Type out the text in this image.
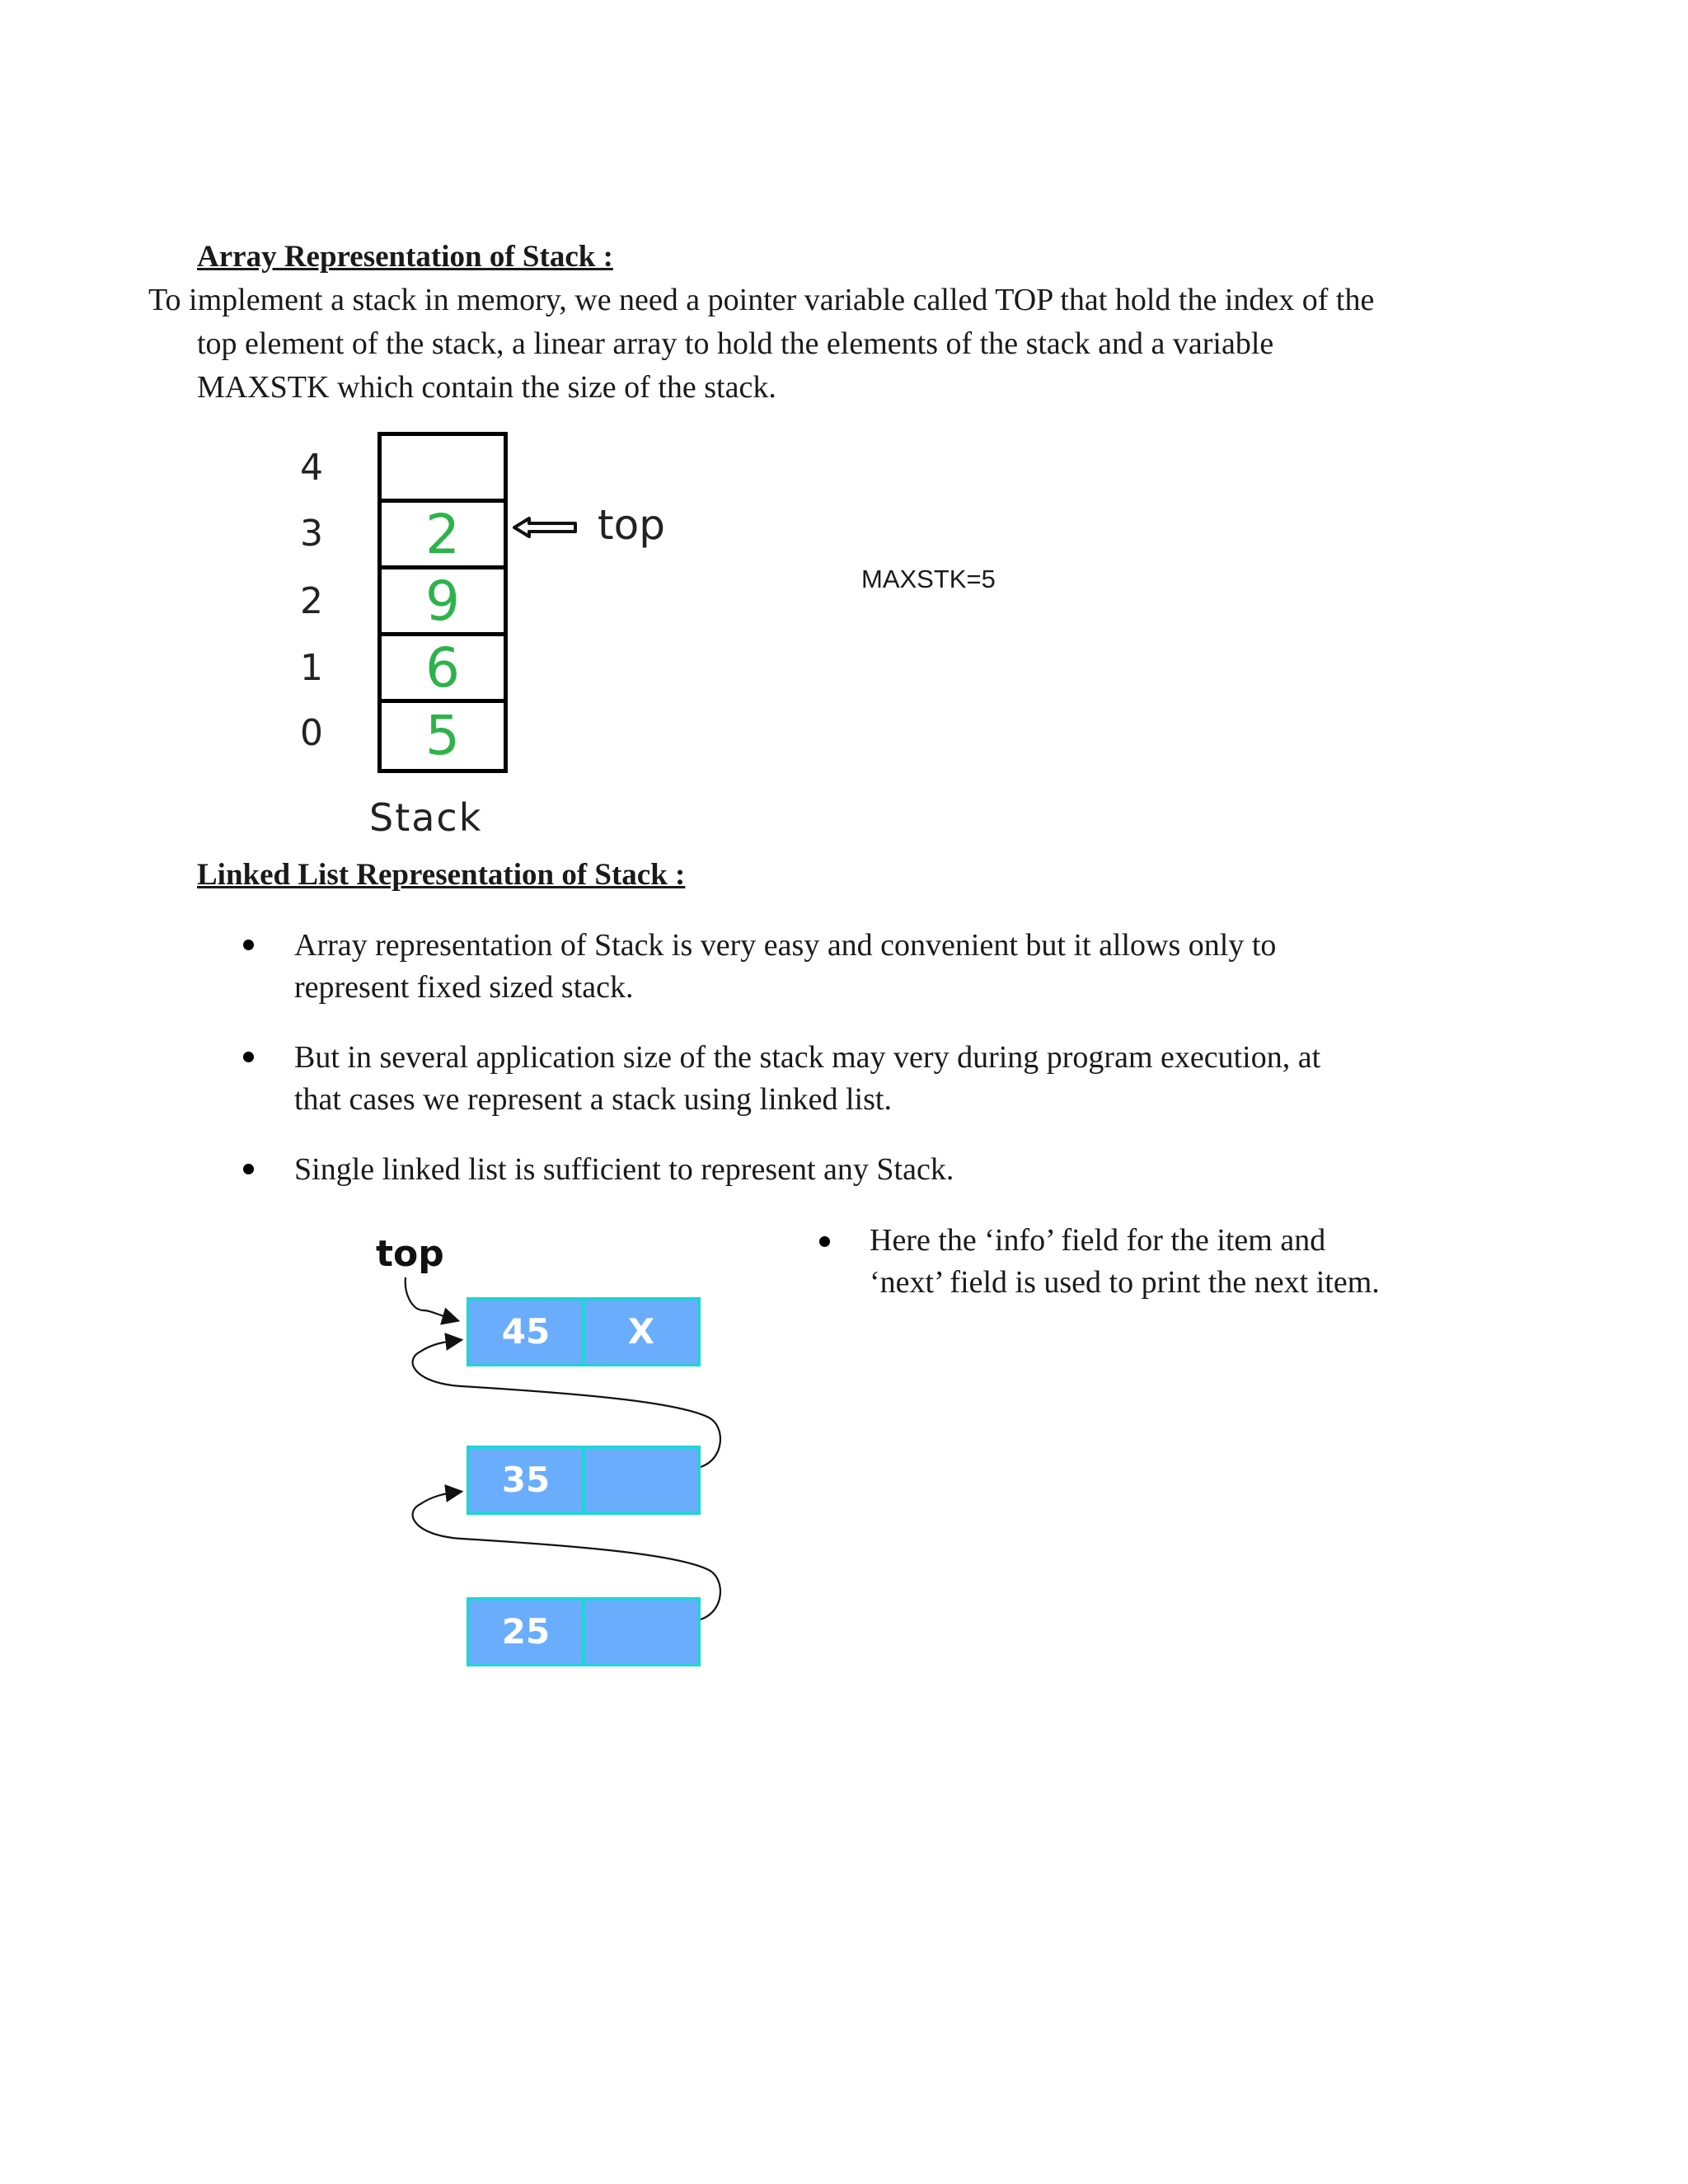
Array Representation of Stack :
To implement a stack in memory, we need a pointer variable called TOP that hold the index of the
top element of the stack, a linear array to hold the elements of the stack and a variable
MAXSTK which contain the size of the stack.
4
3
2
1
0
2
9
6
5
top
Stack
MAXSTK=5
Linked List Representation of Stack :
Array representation of Stack is very easy and convenient but it allows only to
represent fixed sized stack.
But in several application size of the stack may very during program execution, at
that cases we represent a stack using linked list.
Single linked list is sufficient to represent any Stack.
Here the ‘info’ field for the item and
‘next’ field is used to print the next item.
top
45	X
35
25
